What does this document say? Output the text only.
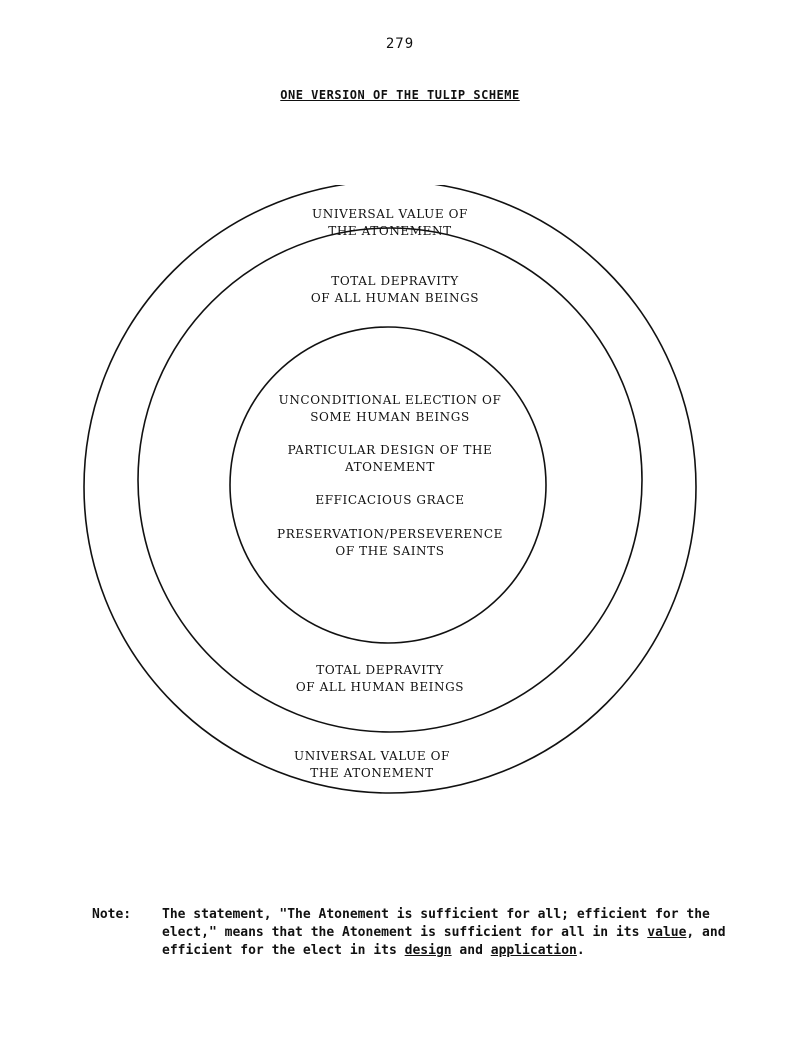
279
ONE VERSION OF THE TULIP SCHEME
UNIVERSAL VALUE OF
THE ATONEMENT
TOTAL DEPRAVITY
OF ALL HUMAN BEINGS
UNCONDITIONAL ELECTION OF
SOME HUMAN BEINGS
PARTICULAR DESIGN OF THE
ATONEMENT
EFFICACIOUS GRACE
PRESERVATION/PERSEVERENCE
OF THE SAINTS
TOTAL DEPRAVITY
OF ALL HUMAN BEINGS
UNIVERSAL VALUE OF
THE ATONEMENT
Note: The statement, "The Atonement is sufficient for all; efficient for the elect," means that the Atonement is sufficient for all in its value, and efficient for the elect in its design and application.
